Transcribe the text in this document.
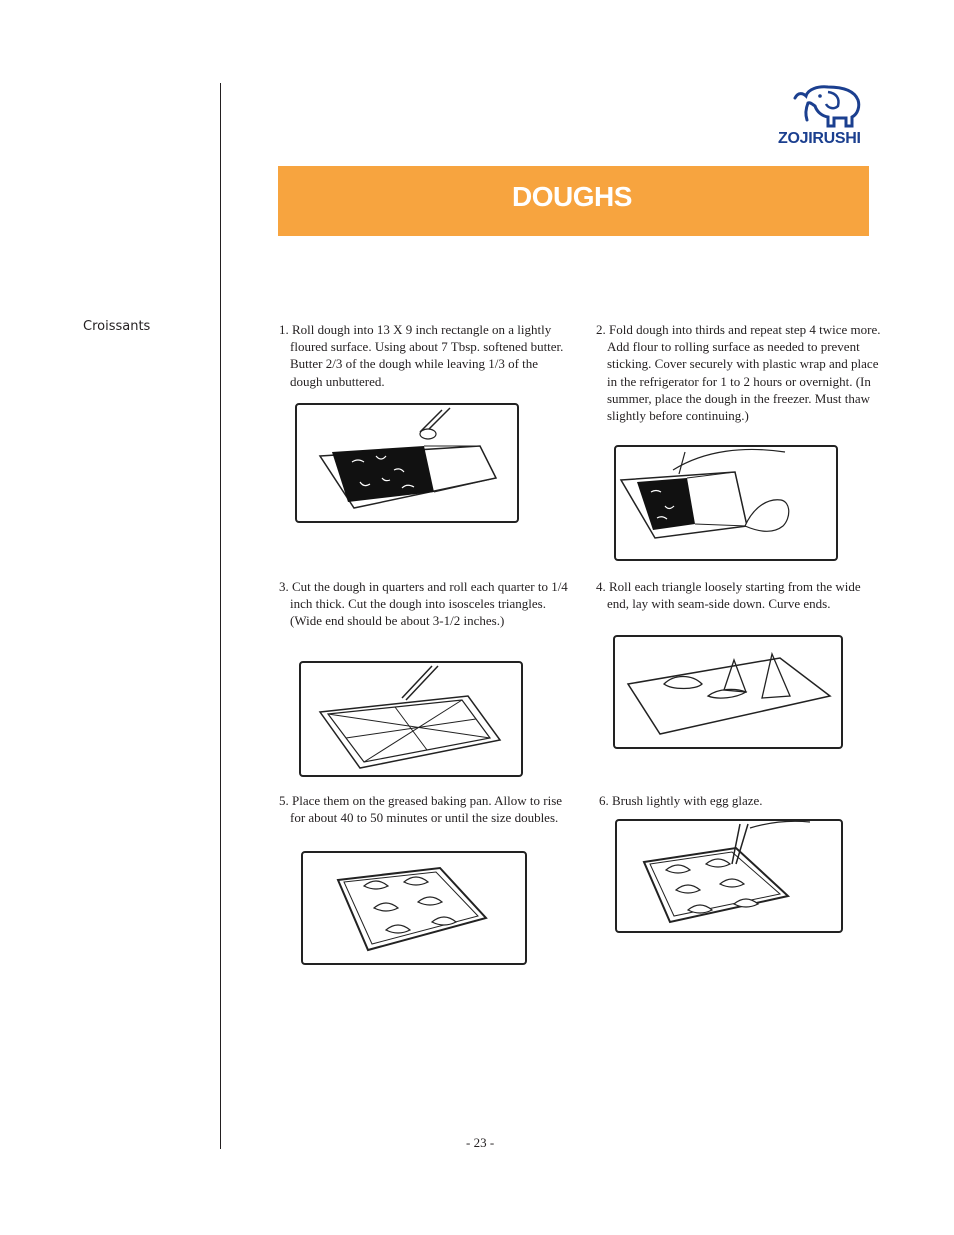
ZOJIRUSHI
DOUGHS
Croissants	1. Roll dough into 13 X 9 inch rectangle on a lightly floured surface. Using about 7 Tbsp. softened butter. Butter 2/3 of the dough while leaving 1/3 of the dough unbuttered.
2. Fold dough into thirds and repeat step 4 twice more. Add flour to rolling surface as needed to prevent sticking. Cover securely with plastic wrap and place in the refrigerator for 1 to 2 hours or overnight. (In summer, place the dough in the freezer. Must thaw slightly before continuing.)
3. Cut the dough in quarters and roll each quarter to 1/4 inch thick. Cut the dough into isosceles triangles. (Wide end should be about 3-1/2 inches.)
4. Roll each triangle loosely starting from the wide end, lay with seam-side down. Curve ends.
5. Place them on the greased baking pan. Allow to rise for about 40 to 50 minutes or until the size doubles.
6. Brush lightly with egg glaze.
- 23 -
